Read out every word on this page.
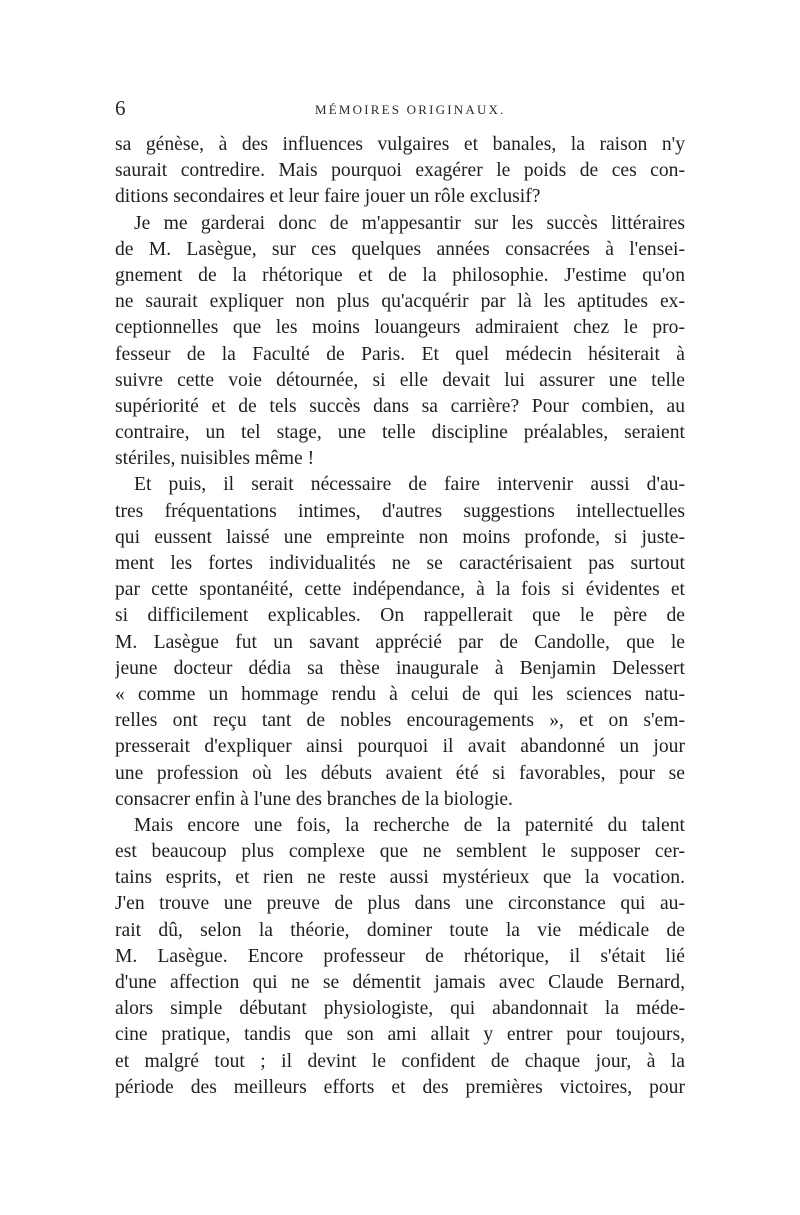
6	MÉMOIRES ORIGINAUX.
sa génèse, à des influences vulgaires et banales, la raison n'y
saurait contredire. Mais pourquoi exagérer le poids de ces con-
ditions secondaires et leur faire jouer un rôle exclusif?
Je me garderai donc de m'appesantir sur les succès littéraires
de M. Lasègue, sur ces quelques années consacrées à l'ensei-
gnement de la rhétorique et de la philosophie. J'estime qu'on
ne saurait expliquer non plus qu'acquérir par là les aptitudes ex-
ceptionnelles que les moins louangeurs admiraient chez le pro-
fesseur de la Faculté de Paris. Et quel médecin hésiterait à
suivre cette voie détournée, si elle devait lui assurer une telle
supériorité et de tels succès dans sa carrière? Pour combien, au
contraire, un tel stage, une telle discipline préalables, seraient
stériles, nuisibles même !
Et puis, il serait nécessaire de faire intervenir aussi d'au-
tres fréquentations intimes, d'autres suggestions intellectuelles
qui eussent laissé une empreinte non moins profonde, si juste-
ment les fortes individualités ne se caractérisaient pas surtout
par cette spontanéité, cette indépendance, à la fois si évidentes et
si difficilement explicables. On rappellerait que le père de
M. Lasègue fut un savant apprécié par de Candolle, que le
jeune docteur dédia sa thèse inaugurale à Benjamin Delessert
« comme un hommage rendu à celui de qui les sciences natu-
relles ont reçu tant de nobles encouragements », et on s'em-
presserait d'expliquer ainsi pourquoi il avait abandonné un jour
une profession où les débuts avaient été si favorables, pour se
consacrer enfin à l'une des branches de la biologie.
Mais encore une fois, la recherche de la paternité du talent
est beaucoup plus complexe que ne semblent le supposer cer-
tains esprits, et rien ne reste aussi mystérieux que la vocation.
J'en trouve une preuve de plus dans une circonstance qui au-
rait dû, selon la théorie, dominer toute la vie médicale de
M. Lasègue. Encore professeur de rhétorique, il s'était lié
d'une affection qui ne se démentit jamais avec Claude Bernard,
alors simple débutant physiologiste, qui abandonnait la méde-
cine pratique, tandis que son ami allait y entrer pour toujours,
et malgré tout ; il devint le confident de chaque jour, à la
période des meilleurs efforts et des premières victoires, pour
